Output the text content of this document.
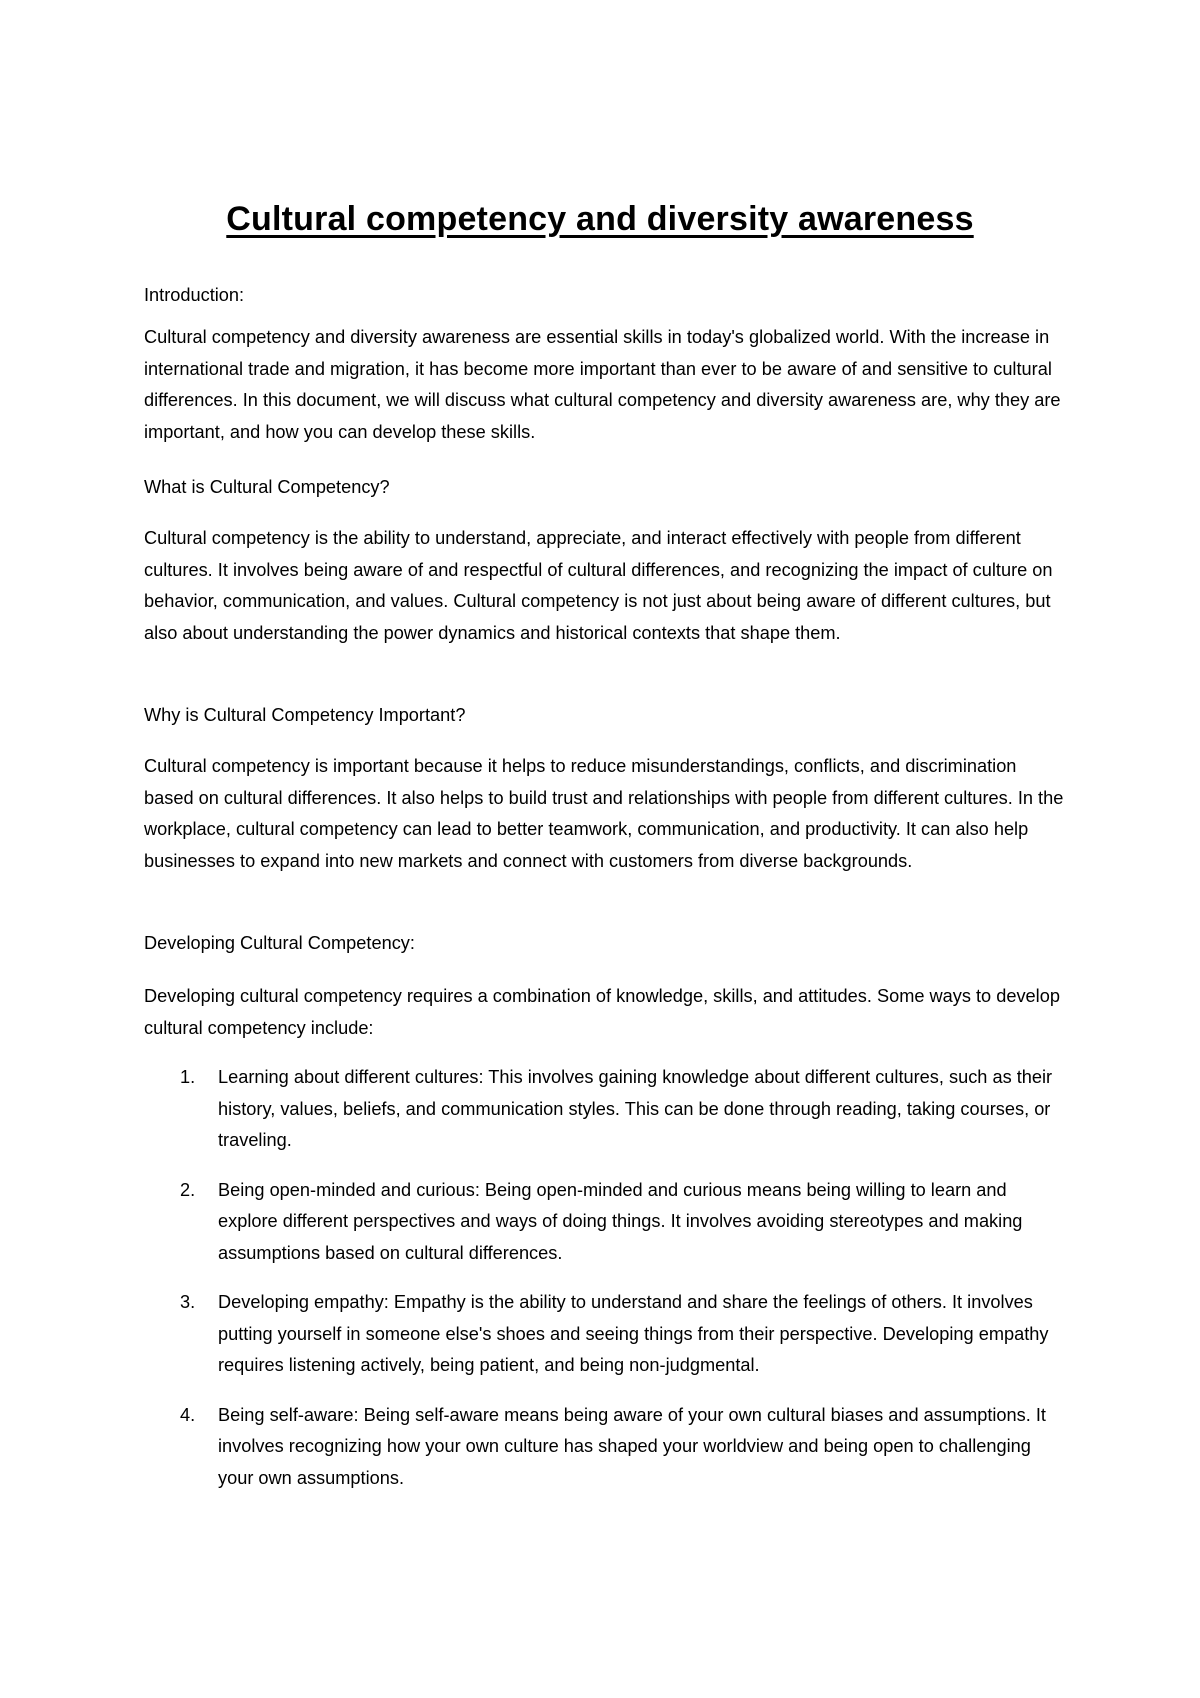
Cultural competency and diversity awareness

Introduction:

Cultural competency and diversity awareness are essential skills in today's globalized world. With the increase in international trade and migration, it has become more important than ever to be aware of and sensitive to cultural differences. In this document, we will discuss what cultural competency and diversity awareness are, why they are important, and how you can develop these skills.

What is Cultural Competency?

Cultural competency is the ability to understand, appreciate, and interact effectively with people from different cultures. It involves being aware of and respectful of cultural differences, and recognizing the impact of culture on behavior, communication, and values. Cultural competency is not just about being aware of different cultures, but also about understanding the power dynamics and historical contexts that shape them.

Why is Cultural Competency Important?

Cultural competency is important because it helps to reduce misunderstandings, conflicts, and discrimination based on cultural differences. It also helps to build trust and relationships with people from different cultures. In the workplace, cultural competency can lead to better teamwork, communication, and productivity. It can also help businesses to expand into new markets and connect with customers from diverse backgrounds.

Developing Cultural Competency:

Developing cultural competency requires a combination of knowledge, skills, and attitudes. Some ways to develop cultural competency include:

1. Learning about different cultures: This involves gaining knowledge about different cultures, such as their history, values, beliefs, and communication styles. This can be done through reading, taking courses, or traveling.
2. Being open-minded and curious: Being open-minded and curious means being willing to learn and explore different perspectives and ways of doing things. It involves avoiding stereotypes and making assumptions based on cultural differences.
3. Developing empathy: Empathy is the ability to understand and share the feelings of others. It involves putting yourself in someone else's shoes and seeing things from their perspective. Developing empathy requires listening actively, being patient, and being non-judgmental.
4. Being self-aware: Being self-aware means being aware of your own cultural biases and assumptions. It involves recognizing how your own culture has shaped your worldview and being open to challenging your own assumptions.
